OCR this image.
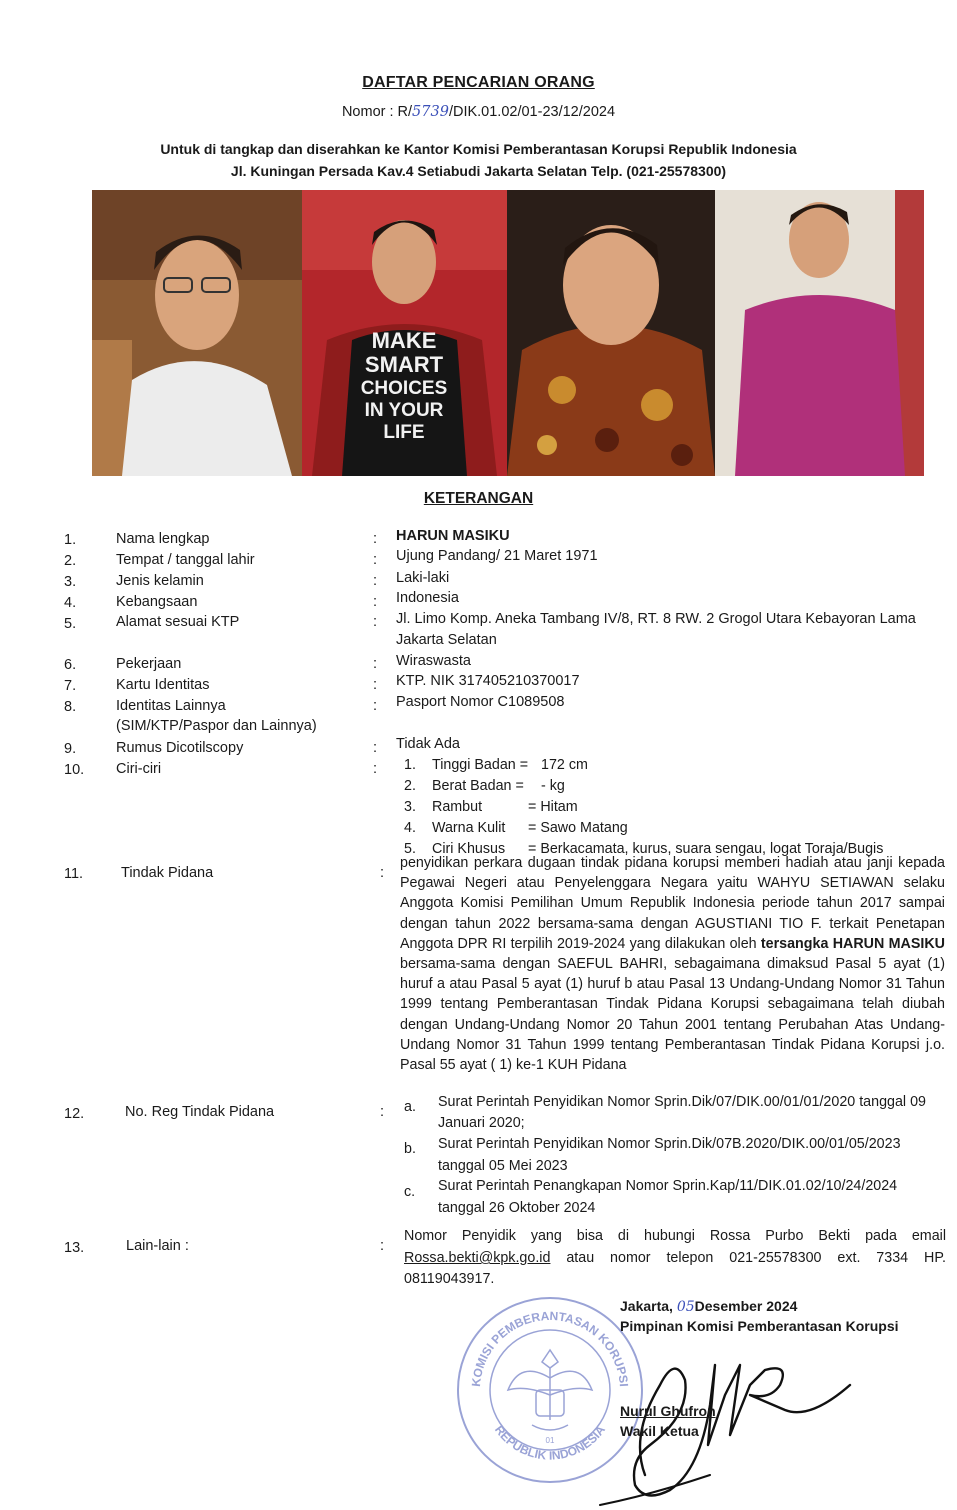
DAFTAR PENCARIAN ORANG
Nomor : R/5739/DIK.01.02/01-23/12/2024
Untuk di tangkap dan diserahkan ke Kantor Komisi Pemberantasan Korupsi Republik Indonesia
Jl. Kuningan Persada Kav.4 Setiabudi Jakarta Selatan Telp. (021-25578300)
MAKE
SMART
CHOICES
IN YOUR
LIFE
KETERANGAN
1.	Nama lengkap	: HARUN MASIKU
2.	Tempat / tanggal lahir	: Ujung Pandang/ 21 Maret 1971
3.	Jenis kelamin	: Laki-laki
4.	Kebangsaan	: Indonesia
5.	Alamat sesuai KTP	: Jl. Limo Komp. Aneka Tambang IV/8, RT. 8 RW. 2 Grogol Utara Kebayoran Lama
Jakarta Selatan
6.	Pekerjaan	: Wiraswasta
7.	Kartu Identitas	: KTP. NIK 317405210370017
8.	Identitas Lainnya
(SIM/KTP/Paspor dan Lainnya)
: Pasport Nomor C1089508
9.	Rumus Dicotilscopy	: Tidak Ada
10. Ciri-ciri	: 1. Tinggi Badan = 172 cm
2. Berat Badan = - kg
3. Rambut	= Hitam
4. Warna Kulit = Sawo Matang
5. Ciri Khusus = Berkacamata, kurus, suara sengau, logat Toraja/Bugis
11.	Tindak Pidana	:
penyidikan perkara dugaan tindak pidana korupsi memberi hadiah atau janji kepada Pegawai Negeri atau Penyelenggara Negara yaitu WAHYU SETIAWAN selaku Anggota Komisi Pemilihan Umum Republik Indonesia periode tahun 2017 sampai dengan tahun 2022 bersama-sama dengan AGUSTIANI TIO F. terkait Penetapan Anggota DPR RI terpilih 2019-2024 yang dilakukan oleh tersangka HARUN MASIKU bersama-sama dengan SAEFUL BAHRI, sebagaimana dimaksud Pasal 5 ayat (1) huruf a atau Pasal 5 ayat (1) huruf b atau Pasal 13 Undang-Undang Nomor 31 Tahun 1999 tentang Pemberantasan Tindak Pidana Korupsi sebagaimana telah diubah dengan Undang-Undang Nomor 20 Tahun 2001 tentang Perubahan Atas Undang-Undang Nomor 31 Tahun 1999 tentang Pemberantasan Tindak Pidana Korupsi j.o. Pasal 55 ayat ( 1) ke-1 KUH Pidana
12.	No. Reg Tindak Pidana	: a. Surat Perintah Penyidikan Nomor Sprin.Dik/07/DIK.00/01/01/2020 tanggal 09
Januari 2020;
b. Surat Perintah Penyidikan Nomor Sprin.Dik/07B.2020/DIK.00/01/05/2023
tanggal 05 Mei 2023
c. Surat Perintah Penangkapan Nomor Sprin.Kap/11/DIK.01.02/10/24/2024
tanggal 26 Oktober 2024
13.	Lain-lain :	:
Nomor Penyidik yang bisa di hubungi Rossa Purbo Bekti pada email
Rossa.bekti@kpk.go.id atau nomor telepon 021-25578300 ext. 7334 HP.
08119043917.
KOMISI PEMBERANTASAN KORUPSI
REPUBLIK INDONESIA
01
Jakarta, 05Desember 2024
Pimpinan Komisi Pemberantasan Korupsi
Nurul Ghufron
Wakil Ketua
